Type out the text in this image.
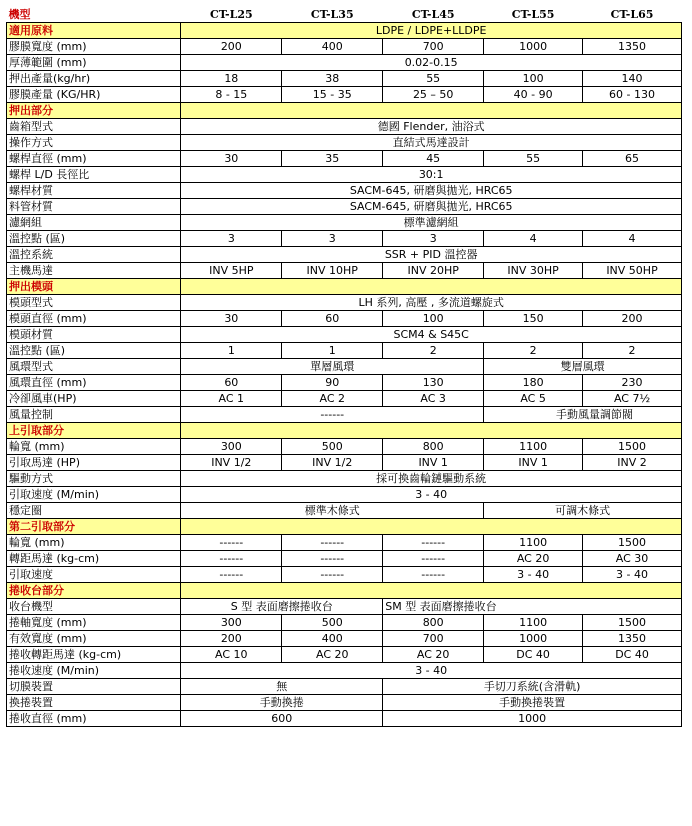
機型	CT-L25	CT-L35	CT-L45	CT-L55	CT-L65
適用原料	LDPE / LDPE+LLDPE				
膠膜寬度 (mm)	200	400	700	1000	1350
厚薄範圍 (mm)	0.02-0.15				
押出產量(kg/hr)	18	38	55	100	140
膠膜產量 (KG/HR)	8 - 15	15 - 35	25 – 50	40 - 90	60 - 130
押出部分					
齒箱型式	德國 Flender, 油浴式				
操作方式	直結式馬達設計				
螺桿直徑 (mm)	30	35	45	55	65
螺桿 L/D 長徑比	30:1				
螺桿材質	SACM-645, 研磨與拋光, HRC65				
料管材質	SACM-645, 研磨與拋光, HRC65				
濾網組	標準濾網組				
溫控點 (區)	3	3	3	4	4
溫控系統	SSR + PID 溫控器				
主機馬達	INV 5HP	INV 10HP	INV 20HP	INV 30HP	INV 50HP
押出模頭					
模頭型式	LH 系列, 高壓 , 多流道螺旋式				
模頭直徑 (mm)	30	60	100	150	200
模頭材質	SCM4 & S45C				
溫控點 (區)	1	1	2	2	2
風環型式	單層風環			雙層風環	
風環直徑 (mm)	60	90	130	180	230
冷卻風車(HP)	AC 1	AC 2	AC 3	AC 5	AC 7½
風量控制	------			手動風量調節閥	
上引取部分					
輪寬 (mm)	300	500	800	1100	1500
引取馬達 (HP)	INV 1/2	INV 1/2	INV 1	INV 1	INV 2
驅動方式	採可換齒輪鏈驅動系統				
引取速度 (M/min)	3 - 40				
穩定圈	標準木條式			可調木條式	
第二引取部分					
輪寬 (mm)	------	------	------	1100	1500
轉距馬達 (kg-cm)	------	------	------	AC 20	AC 30
引取速度	------	------	------	3 - 40	3 - 40
捲收台部分					
收台機型	S 型 表面磨擦捲收台		SM 型 表面磨擦捲收台		
捲軸寬度 (mm)	300	500	800	1100	1500
有效寬度 (mm)	200	400	700	1000	1350
捲收轉距馬達 (kg-cm)	AC 10	AC 20	AC 20	DC 40	DC 40
捲收速度 (M/min)	3 - 40				
切膜裝置	無		手切刀系統(含滑軌)		
換捲裝置	手動換捲		手動換捲裝置		
捲收直徑 (mm)	600		1000		
